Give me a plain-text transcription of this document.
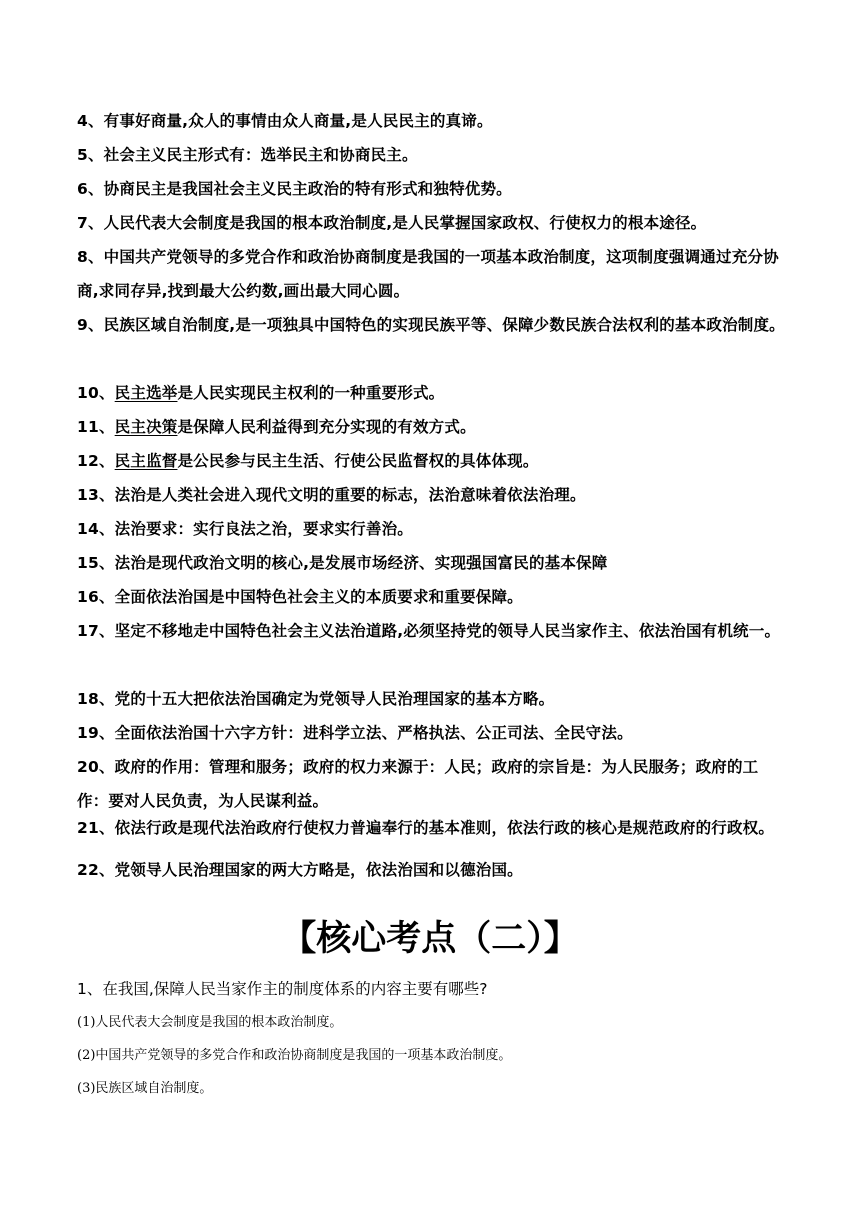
4、有事好商量,众人的事情由众人商量,是人民民主的真谛。

5、社会主义民主形式有：选举民主和协商民主。

6、协商民主是我国社会主义民主政治的特有形式和独特优势。

7、人民代表大会制度是我国的根本政治制度,是人民掌握国家政权、行使权力的根本途径。

8、中国共产党领导的多党合作和政治协商制度是我国的一项基本政治制度，这项制度强调通过充分协商,求同存异,找到最大公约数,画出最大同心圆。

9、民族区域自治制度,是一项独具中国特色的实现民族平等、保障少数民族合法权利的基本政治制度。

10、民主选举是人民实现民主权利的一种重要形式。

11、民主决策是保障人民利益得到充分实现的有效方式。

12、民主监督是公民参与民主生活、行使公民监督权的具体体现。

13、法治是人类社会进入现代文明的重要的标志，法治意味着依法治理。

14、法治要求：实行良法之治，要求实行善治。

15、法治是现代政治文明的核心,是发展市场经济、实现强国富民的基本保障

16、全面依法治国是中国特色社会主义的本质要求和重要保障。

17、坚定不移地走中国特色社会主义法治道路,必须坚持党的领导人民当家作主、依法治国有机统一。

18、党的十五大把依法治国确定为党领导人民治理国家的基本方略。

19、全面依法治国十六字方针：进科学立法、严格执法、公正司法、全民守法。

20、政府的作用：管理和服务；政府的权力来源于：人民；政府的宗旨是：为人民服务；政府的工作：要对人民负责，为人民谋利益。

21、依法行政是现代法治政府行使权力普遍奉行的基本准则，依法行政的核心是规范政府的行政权。

22、党领导人民治理国家的两大方略是，依法治国和以德治国。

【核心考点（二）】

1、在我国,保障人民当家作主的制度体系的内容主要有哪些?

(1)人民代表大会制度是我国的根本政治制度。

(2)中国共产党领导的多党合作和政治协商制度是我国的一项基本政治制度。

(3)民族区域自治制度。
